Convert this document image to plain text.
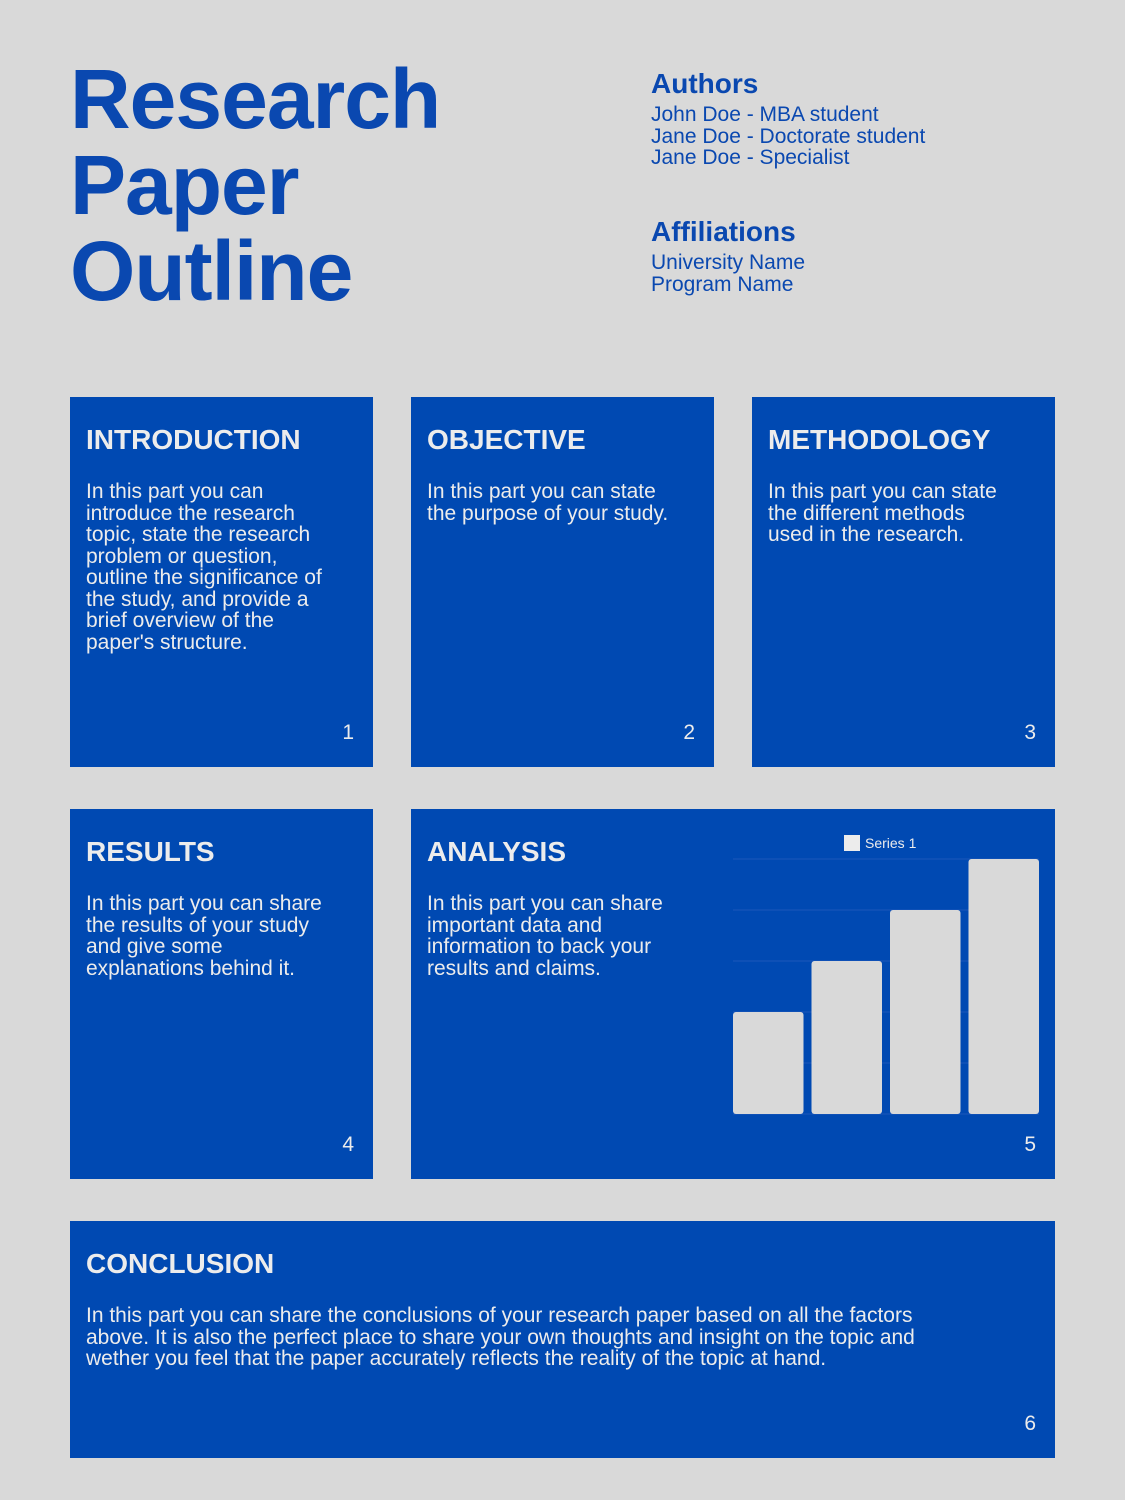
Research
Paper
Outline
Authors
John Doe - MBA student
Jane Doe - Doctorate student
Jane Doe - Specialist
Affiliations
University Name
Program Name
INTRODUCTION

In this part you can
introduce the research
topic, state the research
problem or question,
outline the significance of
the study, and provide a
brief overview of the
paper's structure.

1
OBJECTIVE

In this part you can state
the purpose of your study.

2
METHODOLOGY

In this part you can state
the different methods
used in the research.

3
RESULTS

In this part you can share
the results of your study
and give some
explanations behind it.

4
ANALYSIS

In this part you can share
important data and
information to back your
results and claims.

Series 1
5
CONCLUSION

In this part you can share the conclusions of your research paper based on all the factors
above. It is also the perfect place to share your own thoughts and insight on the topic and
wether you feel that the paper accurately reflects the reality of the topic at hand.

6
